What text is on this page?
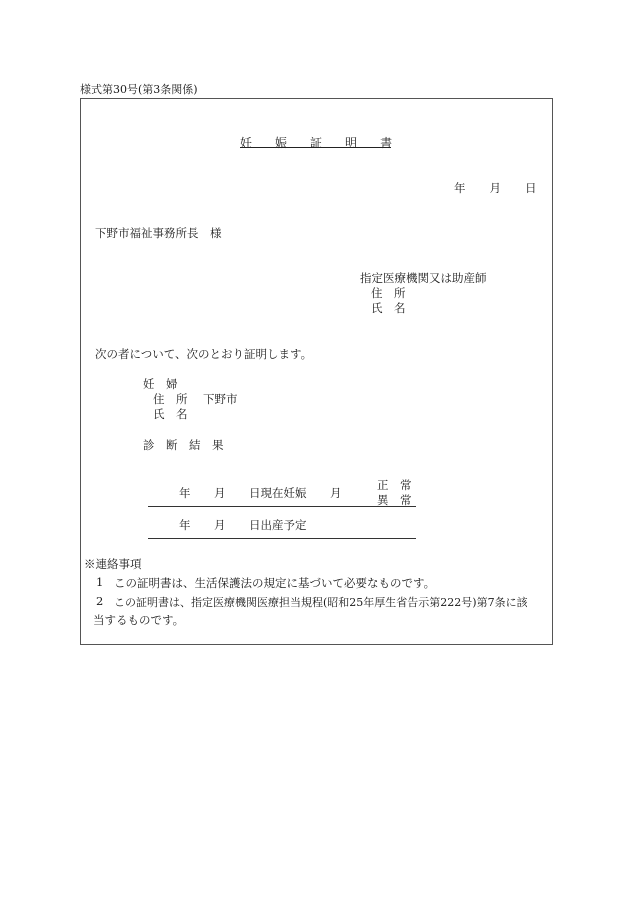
様式第30号(第3条関係)
妊 娠 証 明 書
年 月 日
下野市福祉事務所長　様
指定医療機関又は助産師
住　所
氏　名
次の者について、次のとおり証明します。
妊　婦
住　所 下野市
氏　名
診　断　結　果
年 月 日現在妊娠 月
正　常
異　常
年 月 日出産予定
※連絡事項
1 この証明書は、生活保護法の規定に基づいて必要なものです。
2 この証明書は、指定医療機関医療担当規程(昭和25年厚生省告示第222号)第7条に該
当するものです。
